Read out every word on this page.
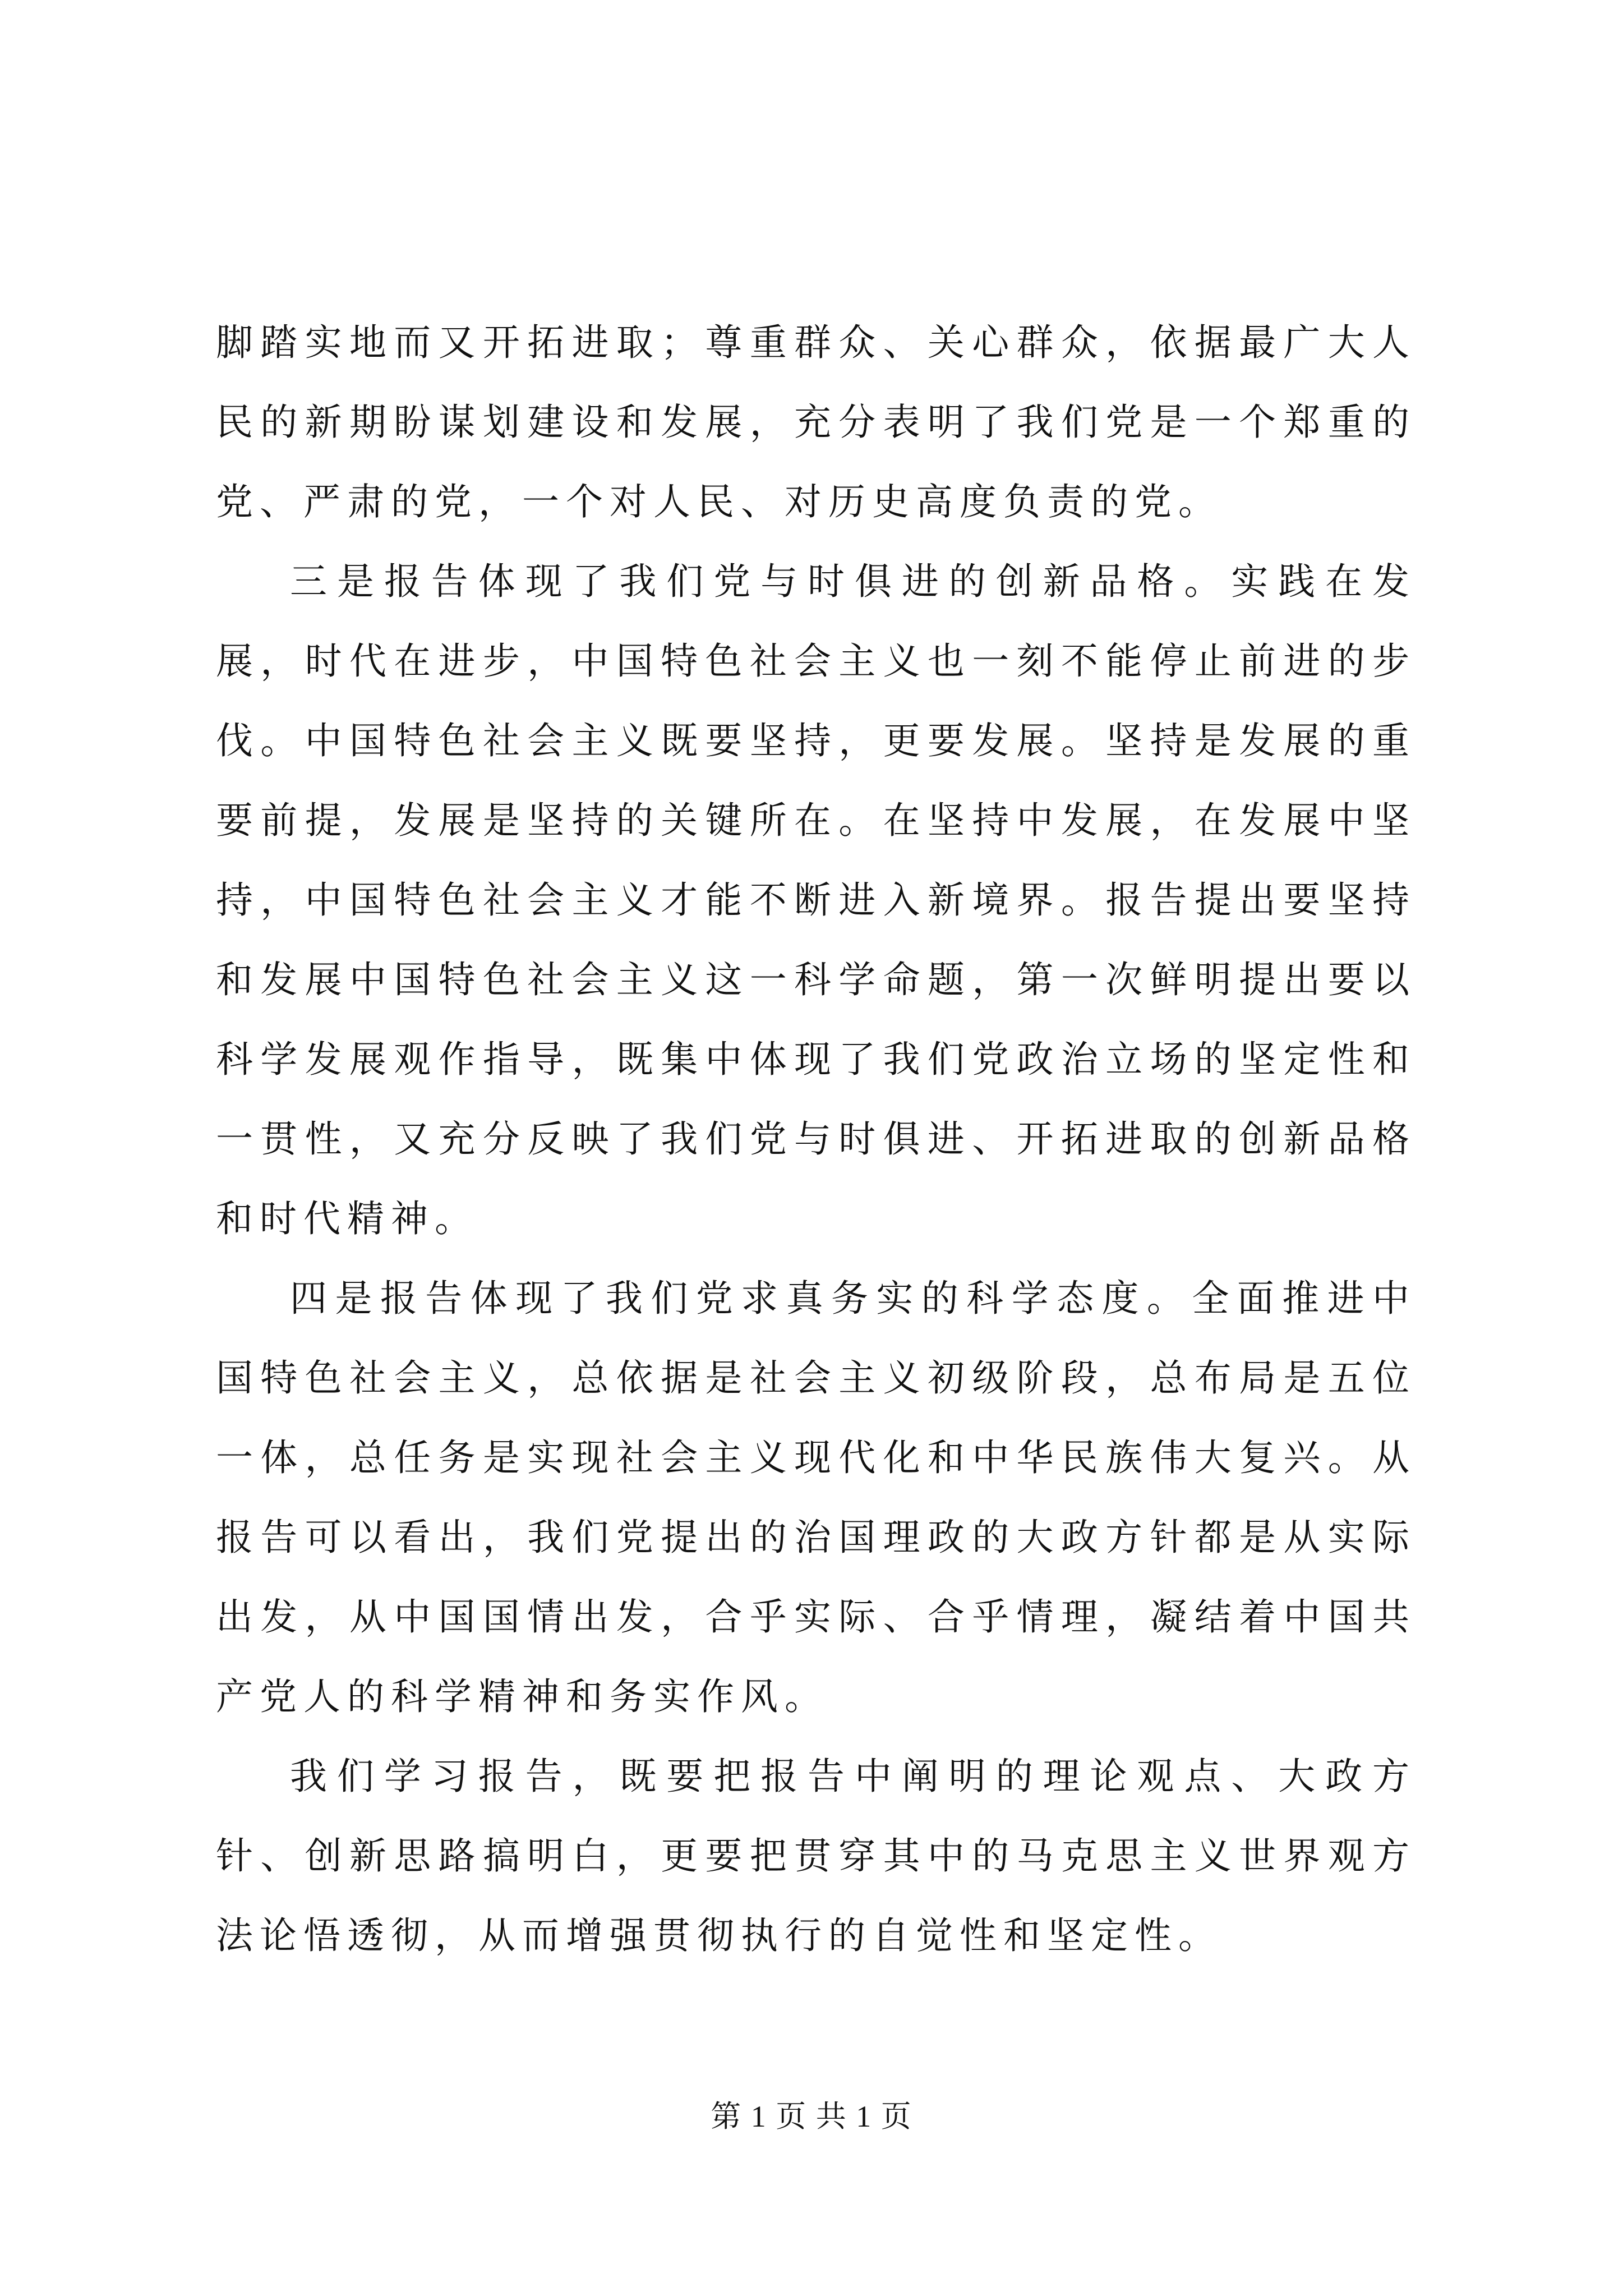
脚踏实地而又开拓进取；尊重群众、关心群众，依据最广大人民的新期盼谋划建设和发展，充分表明了我们党是一个郑重的党、严肃的党，一个对人民、对历史高度负责的党。

三是报告体现了我们党与时俱进的创新品格。实践在发展，时代在进步，中国特色社会主义也一刻不能停止前进的步伐。中国特色社会主义既要坚持，更要发展。坚持是发展的重要前提，发展是坚持的关键所在。在坚持中发展，在发展中坚持，中国特色社会主义才能不断进入新境界。报告提出要坚持和发展中国特色社会主义这一科学命题，第一次鲜明提出要以科学发展观作指导，既集中体现了我们党政治立场的坚定性和一贯性，又充分反映了我们党与时俱进、开拓进取的创新品格和时代精神。

四是报告体现了我们党求真务实的科学态度。全面推进中国特色社会主义，总依据是社会主义初级阶段，总布局是五位一体，总任务是实现社会主义现代化和中华民族伟大复兴。从报告可以看出，我们党提出的治国理政的大政方针都是从实际出发，从中国国情出发，合乎实际、合乎情理，凝结着中国共产党人的科学精神和务实作风。

我们学习报告，既要把报告中阐明的理论观点、大政方针、创新思路搞明白，更要把贯穿其中的马克思主义世界观方法论悟透彻，从而增强贯彻执行的自觉性和坚定性。

第 1 页 共 1 页
